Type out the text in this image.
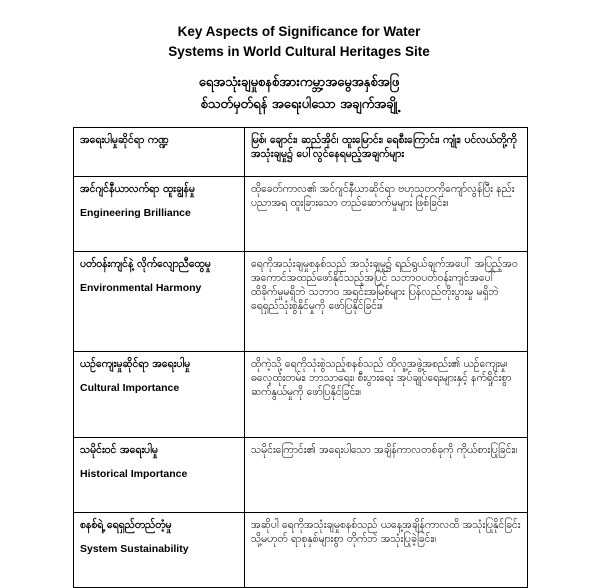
Key Aspects of Significance for Water
Systems in World Cultural Heritages Site
ရေအသုံးချမှုစနစ်အားကမ္ဘာ့အမွေအနှစ်အဖြ
စ်သတ်မှတ်ရန် အရေးပါသော အချက်အချို့
အရေးပါမှုဆိုင်ရာ ကဏ္ဍ	မြစ်၊ ချောင်း၊ ဆည်အိုင်၊ ထူးမြောင်း၊ ရေစီးကြောင်း၊ ကျုံး၊ ပင်လယ်တို့ကို အသုံးချမှု၌ ပေါ်လွင်နေရမည့်အချက်များ

အင်ဂျင်နီယာလက်ရာ ထူးချွန်မှု
Engineering Brilliance	ထိုခေတ်ကာလ၏ အင်ဂျင်နီယာဆိုင်ရာ ဗဟုသုတကိုကျော်လွန်ပြီး နည်းပညာအရ ထူးခြားသော တည်ဆောက်မှုများ ဖြစ်ခြင်း။

ပတ်ဝန်းကျင်နဲ့ လိုက်လျောညီထွေမှု
Environmental Harmony	ရေကိုအသုံးချမှုစနစ်သည် အသုံးချမှု၌ ရည်ရွယ်ချက်အပေါ် အပြည့်အဝ အကောင်အထည်ဖော်နိုင်သည့်အပြင် သဘာဝပတ်ဝန်းကျင်အပေါ် ထိခိုက်မှုမရှိဘဲ သဘာဝ အရင်းအမြစ်များ ပြန်လည်တိုးပွားမှု မရှိဘဲ ရေရှည်သုံးစွဲနိုင်မှုကို ဖော်ပြနိုင်ခြင်း။

ယဉ်ကျေးမှုဆိုင်ရာ အရေးပါမှု
Cultural Importance	ထိုကဲ့သို့ ရေကိုသုံးစွဲသည့်စနစ်သည် ထိုလူ့အဖွဲ့အစည်း၏ ယဉ်ကျေးမှု၊ ဓလေ့ထုံးတမ်း၊ ဘာသာရေး၊ စီးပွားရေး အုပ်ချုပ်ရေးများနှင့် နက်ရှိုင်းစွာ ဆက်နွယ်မှုကို ဖော်ပြနိုင်ခြင်း။

သမိုင်းဝင် အရေးပါမှု
Historical Importance	သမိုင်းကြောင်း၏ အရေးပါသော အချိန်ကာလတစ်ခုကို ကိုယ်စားပြုခြင်း။

စနစ်ရဲ့ ရေရှည်တည်တံ့မှု
System Sustainability	အဆိုပါ ရေကိုအသုံးချမှုစနစ်သည် ယနေ့အချိန်ကာလထိ အသုံးပြုနိုင်ခြင်း သို့မဟုတ် ရာစုနှစ်များစွာ တိုက်ဘဲ အသုံးပြုခဲ့ခြင်း။
